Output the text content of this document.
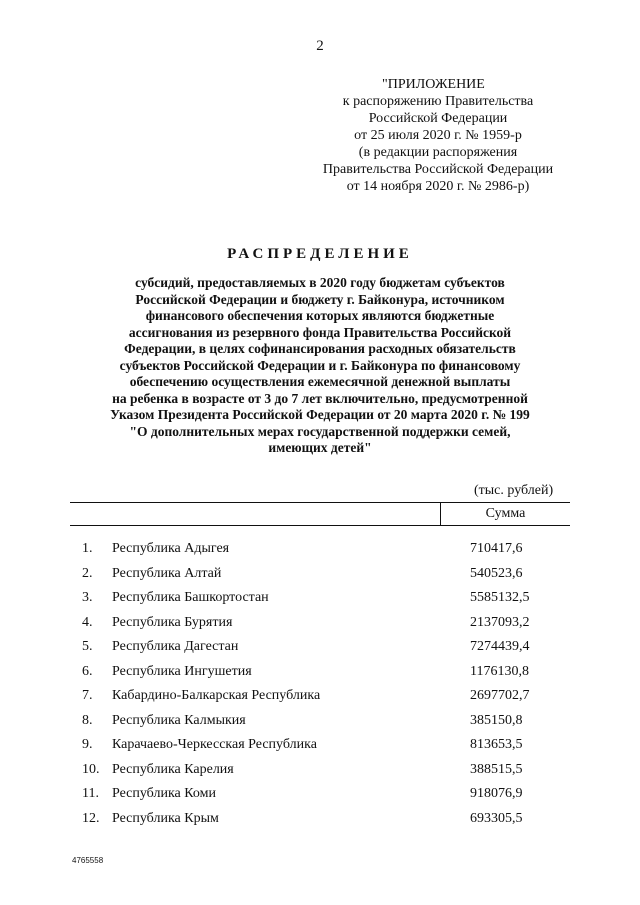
2
"ПРИЛОЖЕНИЕ
к распоряжению Правительства
Российской Федерации
от 25 июля 2020 г. № 1959-р
(в редакции распоряжения
Правительства Российской Федерации
от 14 ноября 2020 г. № 2986-р)
РАСПРЕДЕЛЕНИЕ
субсидий, предоставляемых в 2020 году бюджетам субъектов
Российской Федерации и бюджету г. Байконура, источником
финансового обеспечения которых являются бюджетные
ассигнования из резервного фонда Правительства Российской
Федерации, в целях софинансирования расходных обязательств
субъектов Российской Федерации и г. Байконура по финансовому
обеспечению осуществления ежемесячной денежной выплаты
на ребенка в возрасте от 3 до 7 лет включительно, предусмотренной
Указом Президента Российской Федерации от 20 марта 2020 г. № 199
"О дополнительных мерах государственной поддержки семей,
имеющих детей"
(тыс. рублей)
Сумма
1. Республика Адыгея	710417,6
2. Республика Алтай	540523,6
3. Республика Башкортостан	5585132,5
4. Республика Бурятия	2137093,2
5. Республика Дагестан	7274439,4
6. Республика Ингушетия	1176130,8
7. Кабардино-Балкарская Республика	2697702,7
8. Республика Калмыкия	385150,8
9. Карачаево-Черкесская Республика	813653,5
10. Республика Карелия	388515,5
11. Республика Коми	918076,9
12. Республика Крым	693305,5
4765558
